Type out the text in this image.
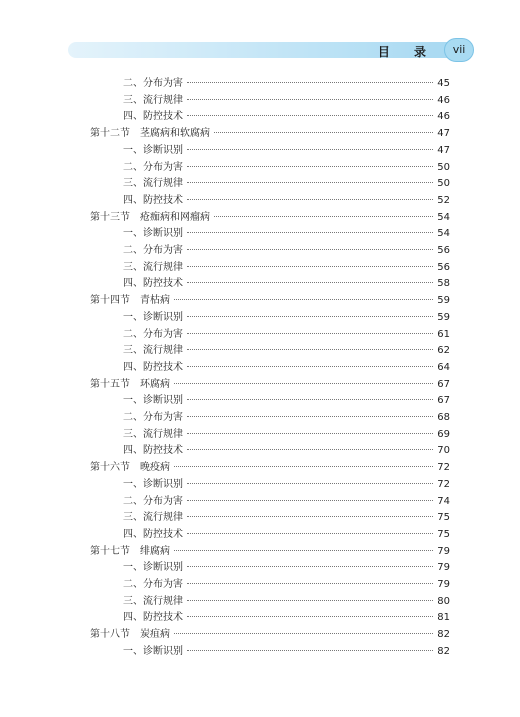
目 录	vii
二、分布为害	45
三、流行规律	46
四、防控技术	46
第十二节　茎腐病和软腐病	47
一、诊断识别	47
二、分布为害	50
三、流行规律	50
四、防控技术	52
第十三节　疮痂病和网瘤病	54
一、诊断识别	54
二、分布为害	56
三、流行规律	56
四、防控技术	58
第十四节　青枯病	59
一、诊断识别	59
二、分布为害	61
三、流行规律	62
四、防控技术	64
第十五节　环腐病	67
一、诊断识别	67
二、分布为害	68
三、流行规律	69
四、防控技术	70
第十六节　晚疫病	72
一、诊断识别	72
二、分布为害	74
三、流行规律	75
四、防控技术	75
第十七节　绯腐病	79
一、诊断识别	79
二、分布为害	79
三、流行规律	80
四、防控技术	81
第十八节　炭疽病	82
一、诊断识别	82
